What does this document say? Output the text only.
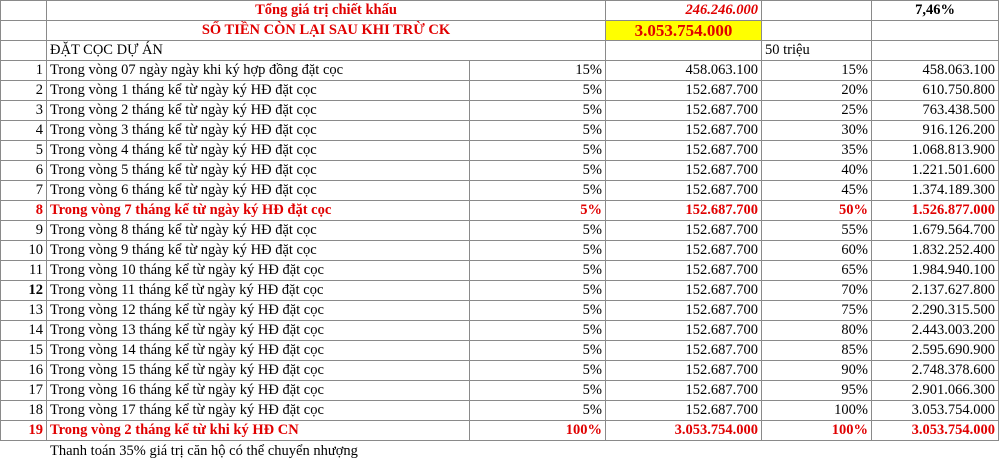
	Tổng giá trị chiết khấu		246.246.000		7,46%	
	SỐ TIỀN CÒN LẠI SAU KHI TRỪ CK		3.053.754.000			
	ĐẶT CỌC DỰ ÁN			50 triệu		
1	Trong vòng 07 ngày ngày khi ký hợp đồng đặt cọc	15%	458.063.100	15%	458.063.100	
2	Trong vòng 1 tháng kể từ ngày ký HĐ đặt cọc	5%	152.687.700	20%	610.750.800	
3	Trong vòng 2 tháng kể từ ngày ký HĐ đặt cọc	5%	152.687.700	25%	763.438.500	
4	Trong vòng 3 tháng kể từ ngày ký HĐ đặt cọc	5%	152.687.700	30%	916.126.200	
5	Trong vòng 4 tháng kể từ ngày ký HĐ đặt cọc	5%	152.687.700	35%	1.068.813.900	
6	Trong vòng 5 tháng kể từ ngày ký HĐ đặt cọc	5%	152.687.700	40%	1.221.501.600	
7	Trong vòng 6 tháng kể từ ngày ký HĐ đặt cọc	5%	152.687.700	45%	1.374.189.300	
8	Trong vòng 7 tháng kể từ ngày ký HĐ đặt cọc	5%	152.687.700	50%	1.526.877.000	
9	Trong vòng 8 tháng kể từ ngày ký HĐ đặt cọc	5%	152.687.700	55%	1.679.564.700	
10	Trong vòng 9 tháng kể từ ngày ký HĐ đặt cọc	5%	152.687.700	60%	1.832.252.400	
11	Trong vòng 10 tháng kể từ ngày ký HĐ đặt cọc	5%	152.687.700	65%	1.984.940.100	
12	Trong vòng 11 tháng kể từ ngày ký HĐ đặt cọc	5%	152.687.700	70%	2.137.627.800	
13	Trong vòng 12 tháng kể từ ngày ký HĐ đặt cọc	5%	152.687.700	75%	2.290.315.500	
14	Trong vòng 13 tháng kể từ ngày ký HĐ đặt cọc	5%	152.687.700	80%	2.443.003.200	
15	Trong vòng 14 tháng kể từ ngày ký HĐ đặt cọc	5%	152.687.700	85%	2.595.690.900	
16	Trong vòng 15 tháng kể từ ngày ký HĐ đặt cọc	5%	152.687.700	90%	2.748.378.600	
17	Trong vòng 16 tháng kể từ ngày ký HĐ đặt cọc	5%	152.687.700	95%	2.901.066.300	
18	Trong vòng 17 tháng kể từ ngày ký HĐ đặt cọc	5%	152.687.700	100%	3.053.754.000	
19	Trong vòng 2 tháng kể từ khi ký HĐ CN	100%	3.053.754.000	100%	3.053.754.000	
Thanh toán 35% giá trị căn hộ có thể chuyển nhượng
